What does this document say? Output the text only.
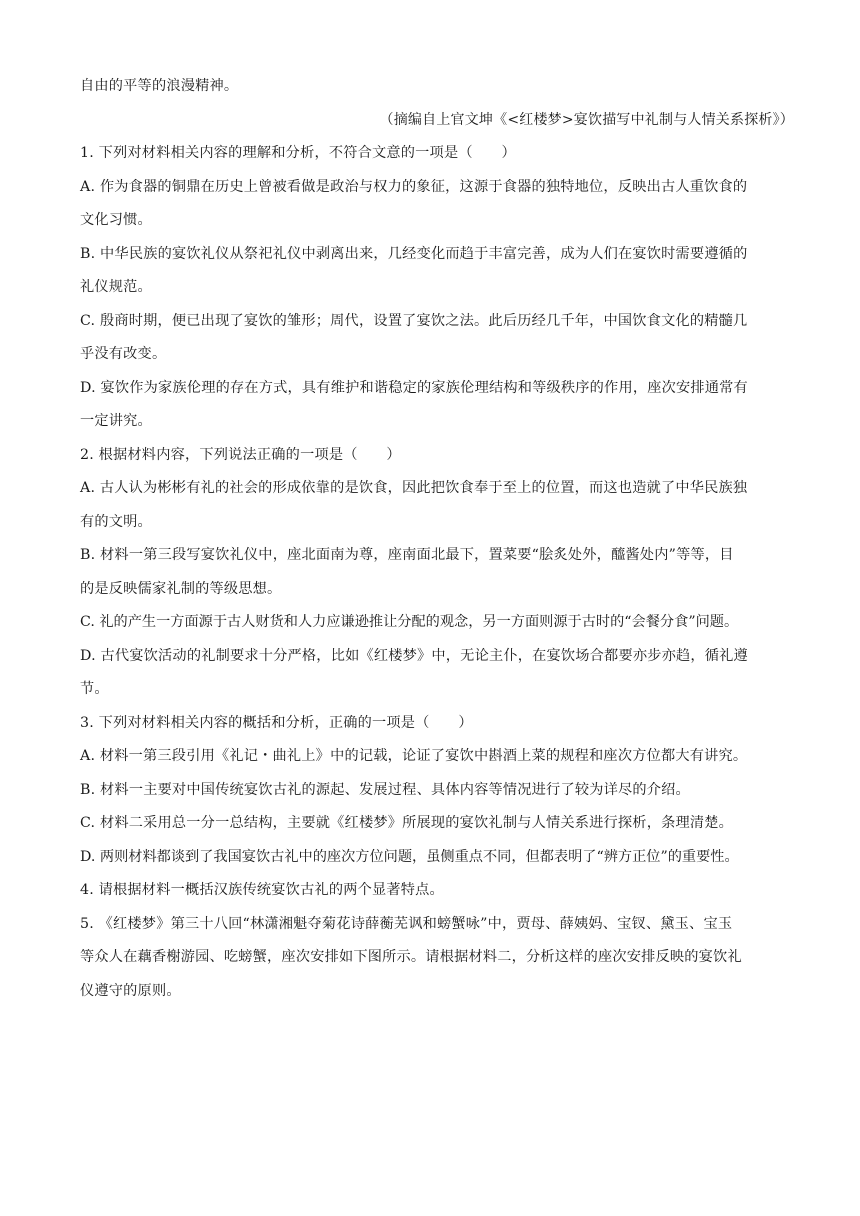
自由的平等的浪漫精神。
（摘编自上官文坤《<红楼梦>宴饮描写中礼制与人情关系探析》）
1. 下列对材料相关内容的理解和分析，不符合文意的一项是（　　）
A. 作为食器的铜鼎在历史上曾被看做是政治与权力的象征，这源于食器的独特地位，反映出古人重饮食的
文化习惯。
B. 中华民族的宴饮礼仪从祭祀礼仪中剥离出来，几经变化而趋于丰富完善，成为人们在宴饮时需要遵循的
礼仪规范。
C. 殷商时期，便已出现了宴饮的雏形；周代，设置了宴饮之法。此后历经几千年，中国饮食文化的精髓几
乎没有改变。
D. 宴饮作为家族伦理的存在方式，具有维护和谐稳定的家族伦理结构和等级秩序的作用，座次安排通常有
一定讲究。
2. 根据材料内容，下列说法正确的一项是（　　）
A. 古人认为彬彬有礼的社会的形成依靠的是饮食，因此把饮食奉于至上的位置，而这也造就了中华民族独
有的文明。
B. 材料一第三段写宴饮礼仪中，座北面南为尊，座南面北最下，置菜要“脍炙处外，醯酱处内”等等，目
的是反映儒家礼制的等级思想。
C. 礼的产生一方面源于古人财货和人力应谦逊推让分配的观念，另一方面则源于古时的“会餐分食”问题。
D. 古代宴饮活动的礼制要求十分严格，比如《红楼梦》中，无论主仆，在宴饮场合都要亦步亦趋，循礼遵
节。
3. 下列对材料相关内容的概括和分析，正确的一项是（　　）
A. 材料一第三段引用《礼记・曲礼上》中的记载，论证了宴饮中斟酒上菜的规程和座次方位都大有讲究。
B. 材料一主要对中国传统宴饮古礼的源起、发展过程、具体内容等情况进行了较为详尽的介绍。
C. 材料二采用总一分一总结构，主要就《红楼梦》所展现的宴饮礼制与人情关系进行探析，条理清楚。
D. 两则材料都谈到了我国宴饮古礼中的座次方位问题，虽侧重点不同，但都表明了“辨方正位”的重要性。
4. 请根据材料一概括汉族传统宴饮古礼的两个显著特点。
5. 《红楼梦》第三十八回“林潇湘魁夺菊花诗薛蘅芜讽和螃蟹咏”中，贾母、薛姨妈、宝钗、黛玉、宝玉
等众人在藕香榭游园、吃螃蟹，座次安排如下图所示。请根据材料二，分析这样的座次安排反映的宴饮礼
仪遵守的原则。
